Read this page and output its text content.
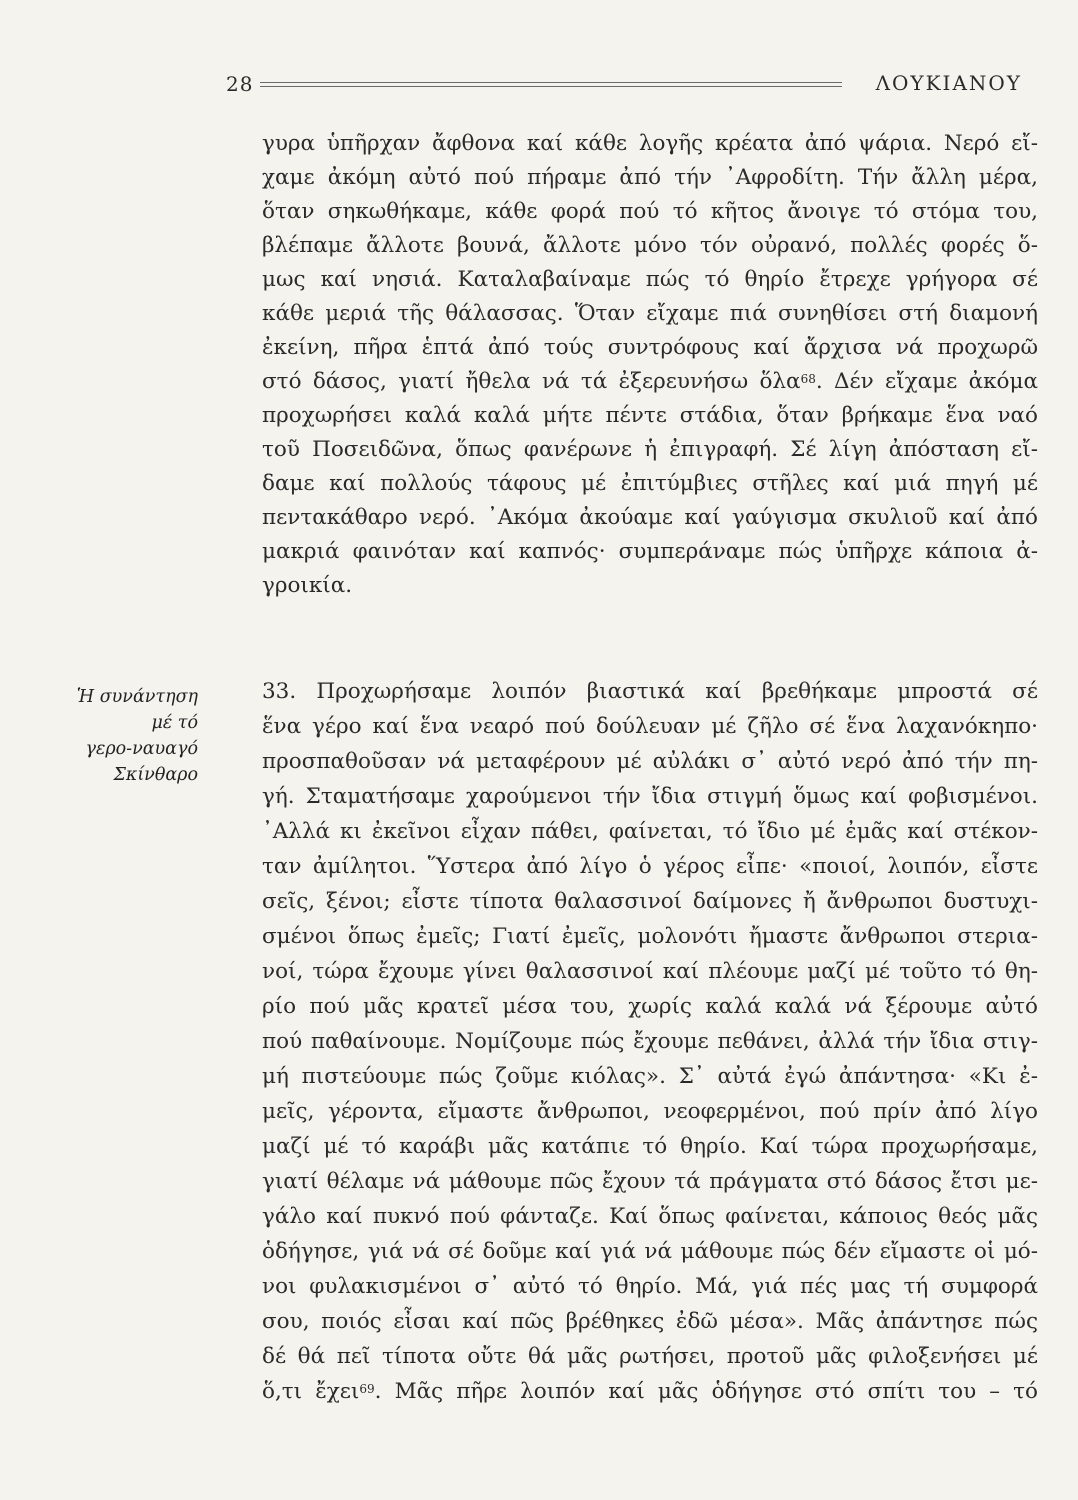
28	ΛΟΥΚΙΑΝΟΥ
Ἡ συνάντηση
μέ τό
γερο-ναυαγό
Σκίνθαρο
γυρα ὑπῆρχαν ἄφθονα καί κάθε λογῆς κρέατα ἀπό ψάρια. Νερό εἴ-
χαμε ἀκόμη αὐτό πού πήραμε ἀπό τήν ᾿Αφροδίτη. Τήν ἄλλη μέρα,
ὅταν σηκωθήκαμε, κάθε φορά πού τό κῆτος ἄνοιγε τό στόμα του,
βλέπαμε ἄλλοτε βουνά, ἄλλοτε μόνο τόν οὐρανό, πολλές φορές ὅ-
μως καί νησιά. Καταλαβαίναμε πώς τό θηρίο ἔτρεχε γρήγορα σέ
κάθε μεριά τῆς θάλασσας. Ὅταν εἴχαμε πιά συνηθίσει στή διαμονή
ἐκείνη, πῆρα ἑπτά ἀπό τούς συντρόφους καί ἄρχισα νά προχωρῶ
στό δάσος, γιατί ἤθελα νά τά ἐξερευνήσω ὅλα$^{68}$. Δέν εἴχαμε ἀκόμα
προχωρήσει καλά καλά μήτε πέντε στάδια, ὅταν βρήκαμε ἕνα ναό
τοῦ Ποσειδῶνα, ὅπως φανέρωνε ἡ ἐπιγραφή. Σέ λίγη ἀπόσταση εἴ-
δαμε καί πολλούς τάφους μέ ἐπιτύμβιες στῆλες καί μιά πηγή μέ
πεντακάθαρο νερό. ᾿Ακόμα ἀκούαμε καί γαύγισμα σκυλιοῦ καί ἀπό
μακριά φαινόταν καί καπνός· συμπεράναμε πώς ὑπῆρχε κάποια ἀ-
γροικία.
33. Προχωρήσαμε λοιπόν βιαστικά καί βρεθήκαμε μπροστά σέ
ἕνα γέρο καί ἕνα νεαρό πού δούλευαν μέ ζῆλο σέ ἕνα λαχανόκηπο·
προσπαθοῦσαν νά μεταφέρουν μέ αὐλάκι σ᾿ αὐτό νερό ἀπό τήν πη-
γή. Σταματήσαμε χαρούμενοι τήν ἴδια στιγμή ὅμως καί φοβισμένοι.
᾿Αλλά κι ἐκεῖνοι εἶχαν πάθει, φαίνεται, τό ἴδιο μέ ἐμᾶς καί στέκον-
ταν ἀμίλητοι. Ὕστερα ἀπό λίγο ὁ γέρος εἶπε· «ποιοί, λοιπόν, εἶστε
σεῖς, ξένοι; εἶστε τίποτα θαλασσινοί δαίμονες ἤ ἄνθρωποι δυστυχι-
σμένοι ὅπως ἐμεῖς; Γιατί ἐμεῖς, μολονότι ἤμαστε ἄνθρωποι στερια-
νοί, τώρα ἔχουμε γίνει θαλασσινοί καί πλέουμε μαζί μέ τοῦτο τό θη-
ρίο πού μᾶς κρατεῖ μέσα του, χωρίς καλά καλά νά ξέρουμε αὐτό
πού παθαίνουμε. Νομίζουμε πώς ἔχουμε πεθάνει, ἀλλά τήν ἴδια στιγ-
μή πιστεύουμε πώς ζοῦμε κιόλας». Σ᾿ αὐτά ἐγώ ἀπάντησα· «Κι ἐ-
μεῖς, γέροντα, εἴμαστε ἄνθρωποι, νεοφερμένοι, πού πρίν ἀπό λίγο
μαζί μέ τό καράβι μᾶς κατάπιε τό θηρίο. Καί τώρα προχωρήσαμε,
γιατί θέλαμε νά μάθουμε πῶς ἔχουν τά πράγματα στό δάσος ἔτσι με-
γάλο καί πυκνό πού φάνταζε. Καί ὅπως φαίνεται, κάποιος θεός μᾶς
ὁδήγησε, γιά νά σέ δοῦμε καί γιά νά μάθουμε πώς δέν εἴμαστε οἱ μό-
νοι φυλακισμένοι σ᾿ αὐτό τό θηρίο. Μά, γιά πές μας τή συμφορά
σου, ποιός εἶσαι καί πῶς βρέθηκες ἐδῶ μέσα». Μᾶς ἀπάντησε πώς
δέ θά πεῖ τίποτα οὔτε θά μᾶς ρωτήσει, προτοῦ μᾶς φιλοξενήσει μέ
ὅ,τι ἔχει$^{69}$. Μᾶς πῆρε λοιπόν καί μᾶς ὁδήγησε στό σπίτι του – τό
